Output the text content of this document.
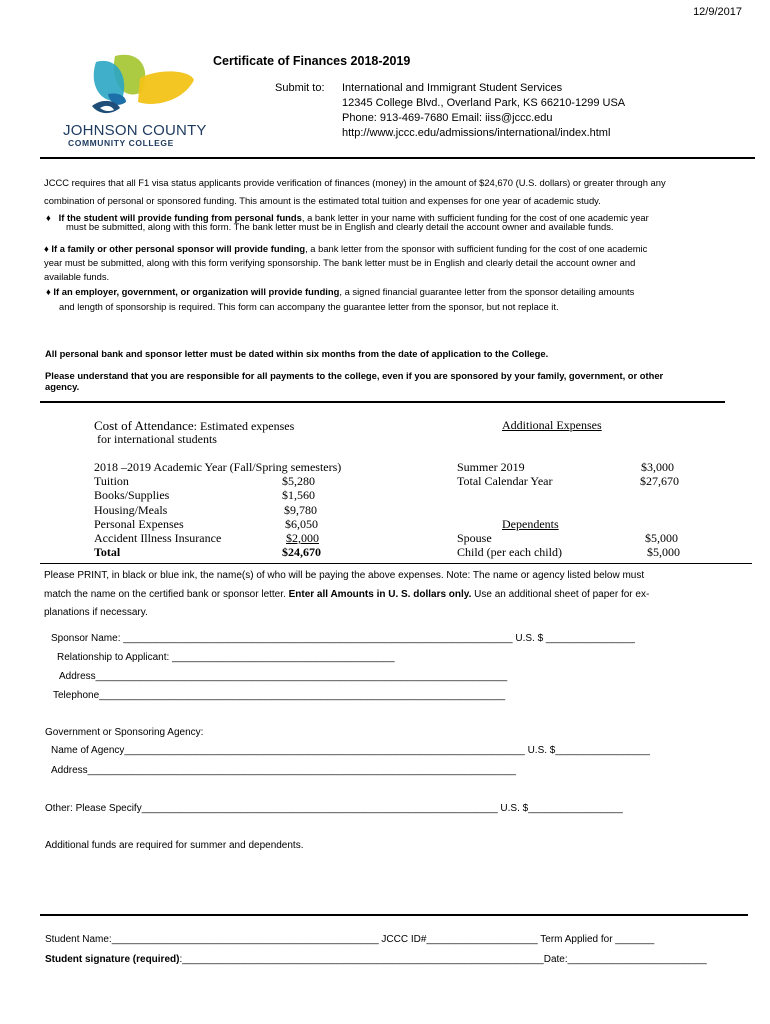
12/9/2017
JOHNSON COUNTY
COMMUNITY COLLEGE
Certificate of Finances 2018-2019
Submit to: International and Immigrant Student Services
12345 College Blvd., Overland Park, KS 66210-1299 USA
Phone: 913-469-7680 Email: iiss@jccc.edu
http://www.jccc.edu/admissions/international/index.html
JCCC requires that all F1 visa status applicants provide verification of finances (money) in the amount of $24,670 (U.S. dollars) or greater through any
combination of personal or sponsored funding. This amount is the estimated total tuition and expenses for one year of academic study.
♦ If the student will provide funding from personal funds, a bank letter in your name with sufficient funding for the cost of one academic year
must be submitted, along with this form. The bank letter must be in English and clearly detail the account owner and available funds.
♦ If a family or other personal sponsor will provide funding, a bank letter from the sponsor with sufficient funding for the cost of one academic
year must be submitted, along with this form verifying sponsorship. The bank letter must be in English and clearly detail the account owner and
available funds.
♦ If an employer, government, or organization will provide funding, a signed financial guarantee letter from the sponsor detailing amounts
and length of sponsorship is required. This form can accompany the guarantee letter from the sponsor, but not replace it.
All personal bank and sponsor letter must be dated within six months from the date of application to the College.
Please understand that you are responsible for all payments to the college, even if you are sponsored by your family, government, or other
agency.
Cost of Attendance: Estimated expenses
for international students
Additional Expenses
2018 –2019 Academic Year (Fall/Spring semesters)
Tuition	$5,280
Books/Supplies	$1,560
Housing/Meals	$9,780
Personal Expenses	$6,050
Accident Illness Insurance	$2,000
Total	$24,670
Summer 2019	$3,000
Total Calendar Year	$27,670
Dependents
Spouse	$5,000
Child (per each child)	$5,000
Please PRINT, in black or blue ink, the name(s) of who will be paying the above expenses. Note: The name or agency listed below must
match the name on the certified bank or sponsor letter. Enter all Amounts in U. S. dollars only. Use an additional sheet of paper for ex-
planations if necessary.
Sponsor Name: ______________________________________________________________________ U.S. $ ________________
Relationship to Applicant: ________________________________________
Address__________________________________________________________________________
Telephone_________________________________________________________________________
Government or Sponsoring Agency:
Name of Agency________________________________________________________________________ U.S. $_________________
Address_____________________________________________________________________________
Other: Please Specify________________________________________________________________ U.S. $_________________
Additional funds are required for summer and dependents.
Student Name:________________________________________________ JCCC ID#____________________ Term Applied for _______
Student signature (required):_________________________________________________________________Date:_________________________
